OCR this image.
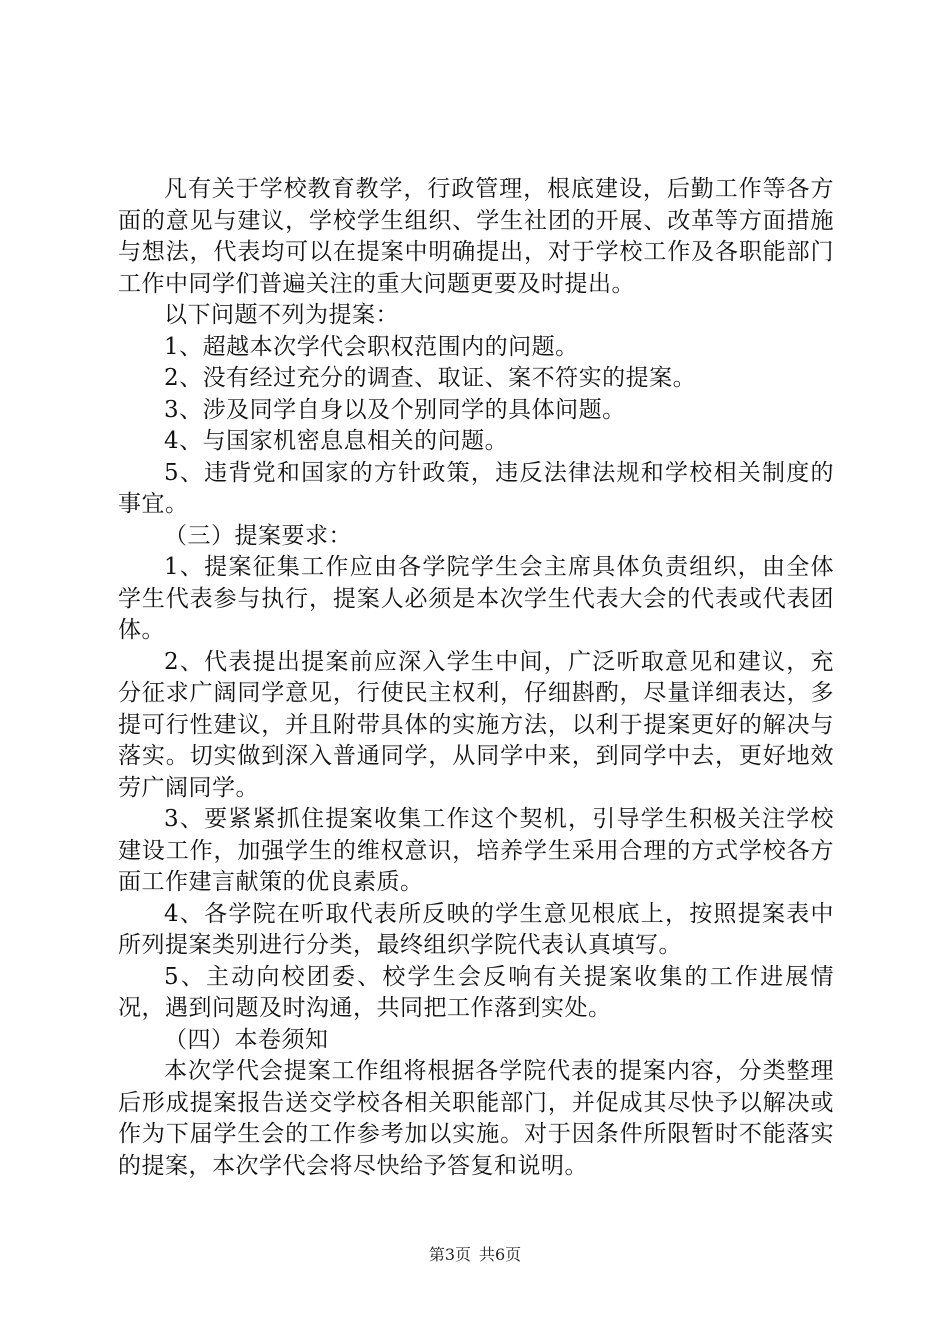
凡有关于学校教育教学，行政管理，根底建设，后勤工作等各方面的意见与建议，学校学生组织、学生社团的开展、改革等方面措施与想法，代表均可以在提案中明确提出，对于学校工作及各职能部门工作中同学们普遍关注的重大问题更要及时提出。

以下问题不列为提案：

1、超越本次学代会职权范围内的问题。

2、没有经过充分的调查、取证、案不符实的提案。

3、涉及同学自身以及个别同学的具体问题。

4、与国家机密息息相关的问题。

5、违背党和国家的方针政策，违反法律法规和学校相关制度的事宜。

（三）提案要求：

1、提案征集工作应由各学院学生会主席具体负责组织，由全体学生代表参与执行，提案人必须是本次学生代表大会的代表或代表团体。

2、代表提出提案前应深入学生中间，广泛听取意见和建议，充分征求广阔同学意见，行使民主权利，仔细斟酌，尽量详细表达，多提可行性建议，并且附带具体的实施方法，以利于提案更好的解决与落实。切实做到深入普通同学，从同学中来，到同学中去，更好地效劳广阔同学。

3、要紧紧抓住提案收集工作这个契机，引导学生积极关注学校建设工作，加强学生的维权意识，培养学生采用合理的方式学校各方面工作建言献策的优良素质。

4、各学院在听取代表所反映的学生意见根底上，按照提案表中所列提案类别进行分类，最终组织学院代表认真填写。

5、主动向校团委、校学生会反响有关提案收集的工作进展情况，遇到问题及时沟通，共同把工作落到实处。

（四）本卷须知

本次学代会提案工作组将根据各学院代表的提案内容，分类整理后形成提案报告送交学校各相关职能部门，并促成其尽快予以解决或作为下届学生会的工作参考加以实施。对于因条件所限暂时不能落实的提案，本次学代会将尽快给予答复和说明。

第3页 共6页
